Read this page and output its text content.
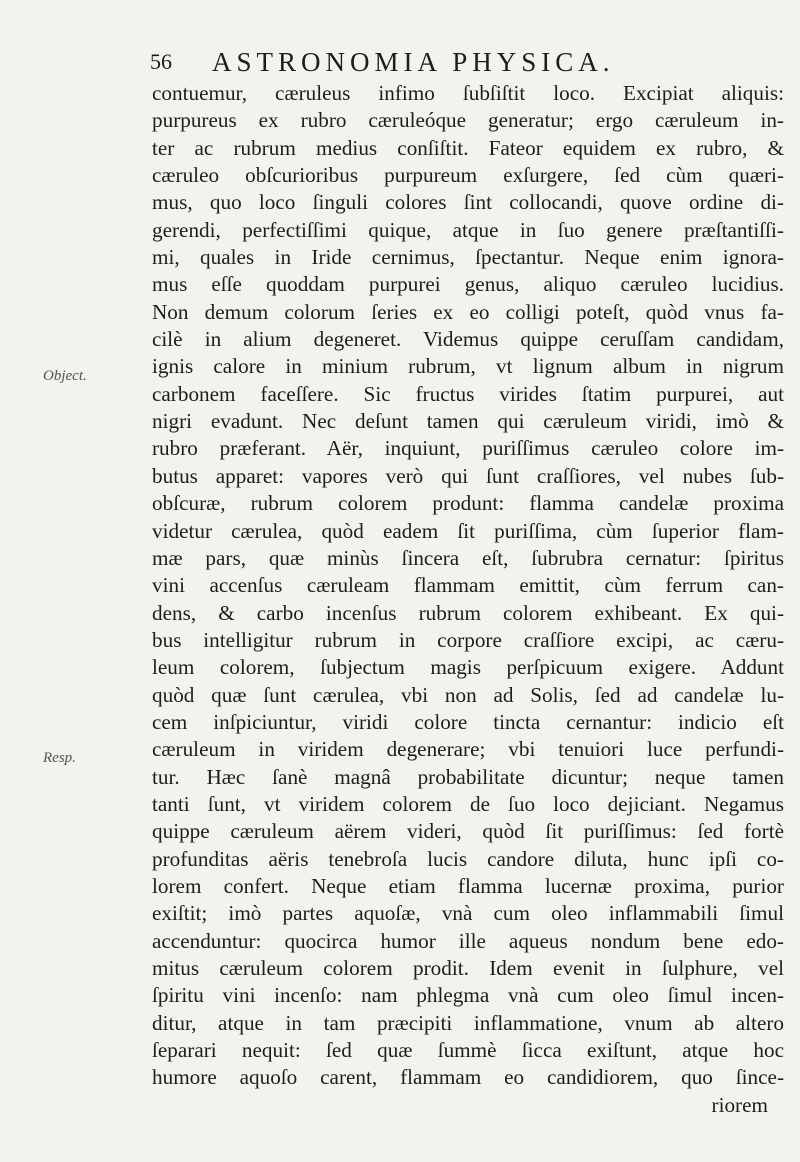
56	ASTRONOMIA PHYSICA.
Object.
Resp.
contuemur, cæruleus infimo ſubſiſtit loco. Excipiat aliquis:
purpureus ex rubro cæruleóque generatur; ergo cæruleum in-
ter ac rubrum medius conſiſtit. Fateor equidem ex rubro, &
cæruleo obſcurioribus purpureum exſurgere, ſed cùm quæri-
mus, quo loco ſinguli colores ſint collocandi, quove ordine di-
gerendi, perfectiſſimi quique, atque in ſuo genere præſtantiſſi-
mi, quales in Iride cernimus, ſpectantur. Neque enim ignora-
mus eſſe quoddam purpurei genus, aliquo cæruleo lucidius.
Non demum colorum ſeries ex eo colligi poteſt, quòd vnus fa-
cilè in alium degeneret. Videmus quippe ceruſſam candidam,
ignis calore in minium rubrum, vt lignum album in nigrum
carbonem faceſſere. Sic fructus virides ſtatim purpurei, aut
nigri evadunt. Nec deſunt tamen qui cæruleum viridi, imò &
rubro præferant. Aër, inquiunt, puriſſimus cæruleo colore im-
butus apparet: vapores verò qui ſunt craſſiores, vel nubes ſub-
obſcuræ, rubrum colorem produnt: flamma candelæ proxima
videtur cærulea, quòd eadem ſit puriſſima, cùm ſuperior flam-
mæ pars, quæ minùs ſincera eſt, ſubrubra cernatur: ſpiritus
vini accenſus cæruleam flammam emittit, cùm ferrum can-
dens, & carbo incenſus rubrum colorem exhibeant. Ex qui-
bus intelligitur rubrum in corpore craſſiore excipi, ac cæru-
leum colorem, ſubjectum magis perſpicuum exigere. Addunt
quòd quæ ſunt cærulea, vbi non ad Solis, ſed ad candelæ lu-
cem inſpiciuntur, viridi colore tincta cernantur: indicio eſt
cæruleum in viridem degenerare; vbi tenuiori luce perfundi-
tur. Hæc ſanè magnâ probabilitate dicuntur; neque tamen
tanti ſunt, vt viridem colorem de ſuo loco dejiciant. Negamus
quippe cæruleum aërem videri, quòd ſit puriſſimus: ſed fortè
profunditas aëris tenebroſa lucis candore diluta, hunc ipſi co-
lorem confert. Neque etiam flamma lucernæ proxima, purior
exiſtit; imò partes aquoſæ, vnà cum oleo inflammabili ſimul
accenduntur: quocirca humor ille aqueus nondum bene edo-
mitus cæruleum colorem prodit. Idem evenit in ſulphure, vel
ſpiritu vini incenſo: nam phlegma vnà cum oleo ſimul incen-
ditur, atque in tam præcipiti inflammatione, vnum ab altero
ſeparari nequit: ſed quæ ſummè ſicca exiſtunt, atque hoc
humore aquoſo carent, flammam eo candidiorem, quo ſince-
riorem
